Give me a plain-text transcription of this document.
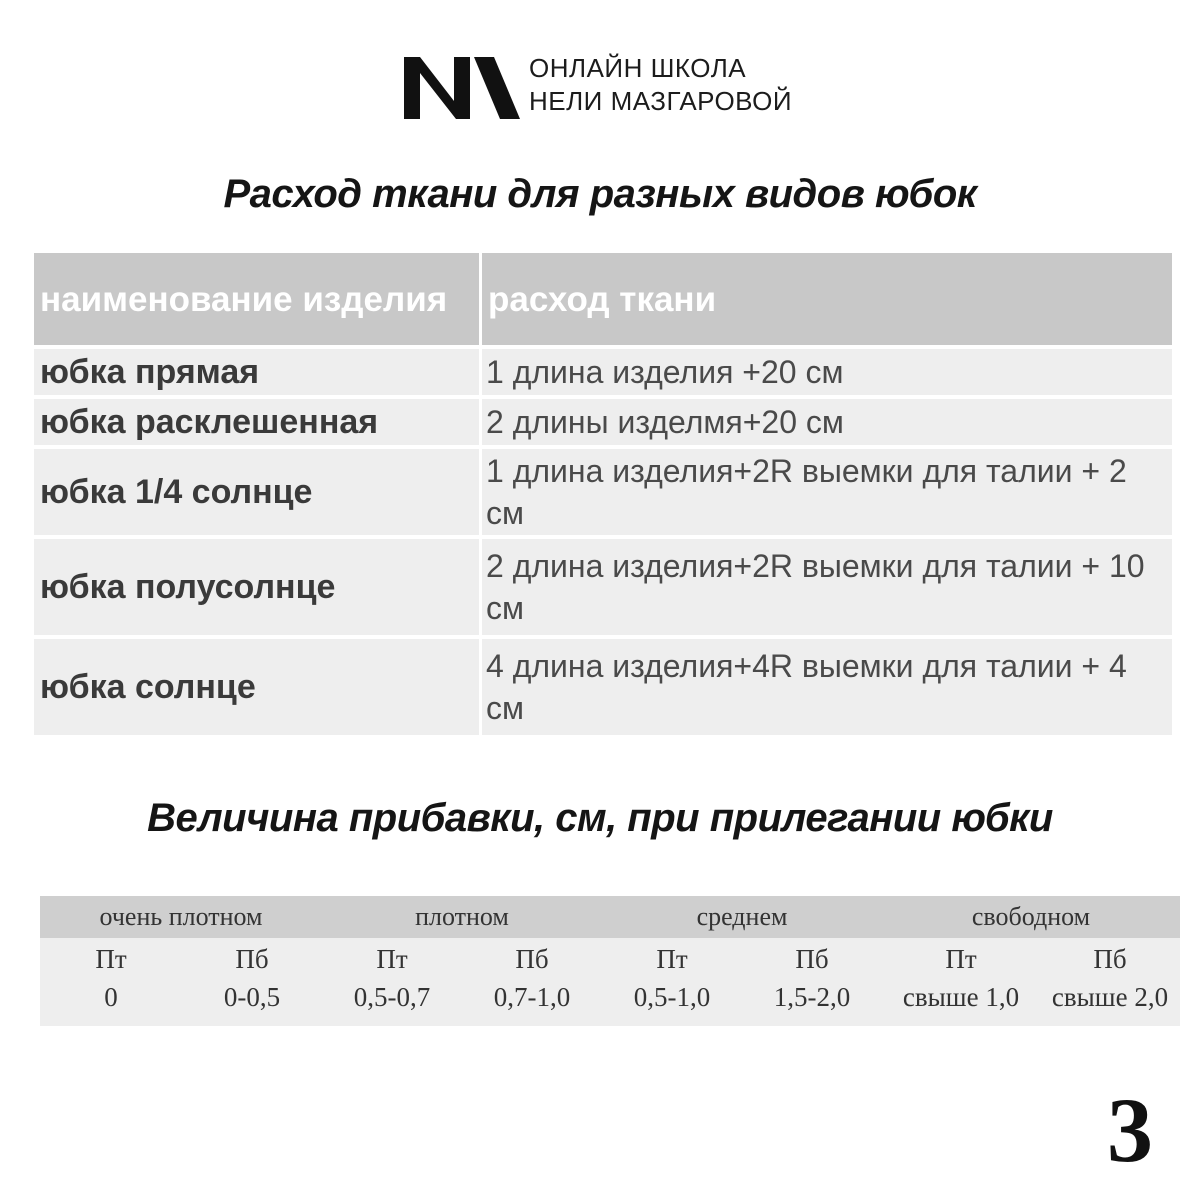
ОНЛАЙН ШКОЛА
НЕЛИ МАЗГАРОВОЙ

Расход ткани для разных видов юбок
наименование изделия	расход ткани
юбка прямая	1 длина изделия +20 см
юбка расклешенная	2 длины изделмя+20 см
юбка 1/4 солнце	1 длина изделия+2R выемки для талии + 2 см
юбка полусолнце	2 длина изделия+2R выемки для талии + 10 см
юбка солнце	4 длина изделия+4R выемки для талии + 4 см
Величина прибавки, см, при прилегании юбки
очень плотном		плотном		среднем		свободном	
Пт	Пб	Пт	Пб	Пт	Пб	Пт	Пб
0	0-0,5	0,5-0,7	0,7-1,0	0,5-1,0	1,5-2,0	свыше 1,0	свыше 2,0
3
